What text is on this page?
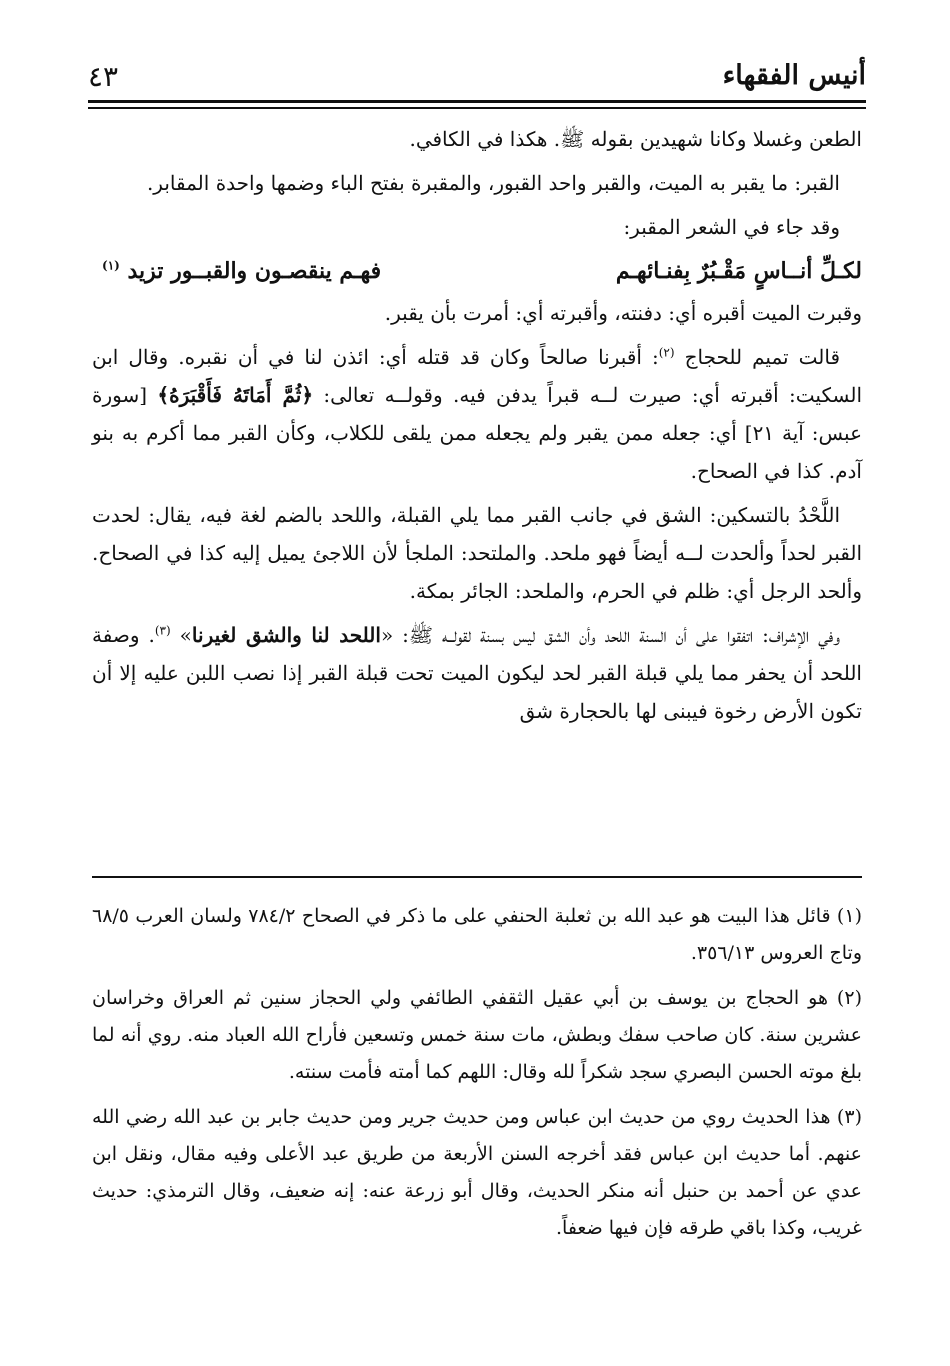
أنيس الفقهاء
٤٣

الطعن وغسلا وكانا شهيدين بقوله ﷺ. هكذا في الكافي.

القبر: ما يقبر به الميت، والقبر واحد القبور، والمقبرة بفتح الباء وضمها واحدة المقابر.

وقد جاء في الشعر المقبر:

لكـلِّ أنــاسٍ مَقْـبُرٌ بِفنـائهـم
فهـم ينقصـون والقبــور تزيد $^{(١)}$

وقبرت الميت أقبره أي: دفنته، وأقبرته أي: أمرت بأن يقبر.

قالت تميم للحجاج $^{(٢)}$: أقبرنا صالحاً وكان قد قتله أي: ائذن لنا في أن نقبره. وقال ابن السكيت: أقبرته أي: صيرت لــه قبراً يدفن فيه. وقولــه تعالى: ﴿ثُمَّ أَمَاتَهُ فَأَقْبَرَهُ﴾ [سورة عبس: آية ٢١] أي: جعله ممن يقبر ولم يجعله ممن يلقى للكلاب، وكأن القبر مما أكرم به بنو آدم. كذا في الصحاح.

اللَّحْدُ بالتسكين: الشق في جانب القبر مما يلي القبلة، واللحد بالضم لغة فيه، يقال: لحدت القبر لحداً وألحدت لــه أيضاً فهو ملحد. والملتحد: الملجأ لأن اللاجئ يميل إليه كذا في الصحاح. وألحد الرجل أي: ظلم في الحرم، والملحد: الجائر بمكة.

وفي الإشراف: اتفقوا على أن السنة اللحد وأن الشق ليس بسنة لقولــه ﷺ: «اللحد لنا والشق لغيرنا» $^{(٣)}$. وصفة اللحد أن يحفر مما يلي قبلة القبر لحد ليكون الميت تحت قبلة القبر إذا نصب اللبن عليه إلا أن تكون الأرض رخوة فيبنى لها بالحجارة شق

(١) قائل هذا البيت هو عبد الله بن ثعلبة الحنفي على ما ذكر في الصحاح ٧٨٤/٢ ولسان العرب ٦٨/٥ وتاج العروس ٣٥٦/١٣.

(٢) هو الحجاج بن يوسف بن أبي عقيل الثقفي الطائفي ولي الحجاز سنين ثم العراق وخراسان عشرين سنة. كان صاحب سفك وبطش، مات سنة خمس وتسعين فأراح الله العباد منه. روي أنه لما بلغ موته الحسن البصري سجد شكراً لله وقال: اللهم كما أمته فأمت سنته.

(٣) هذا الحديث روي من حديث ابن عباس ومن حديث جرير ومن حديث جابر بن عبد الله رضي الله عنهم. أما حديث ابن عباس فقد أخرجه السنن الأربعة من طريق عبد الأعلى وفيه مقال، ونقل ابن عدي عن أحمد بن حنبل أنه منكر الحديث، وقال أبو زرعة عنه: إنه ضعيف، وقال الترمذي: حديث غريب، وكذا باقي طرقه فإن فيها ضعفاً.
